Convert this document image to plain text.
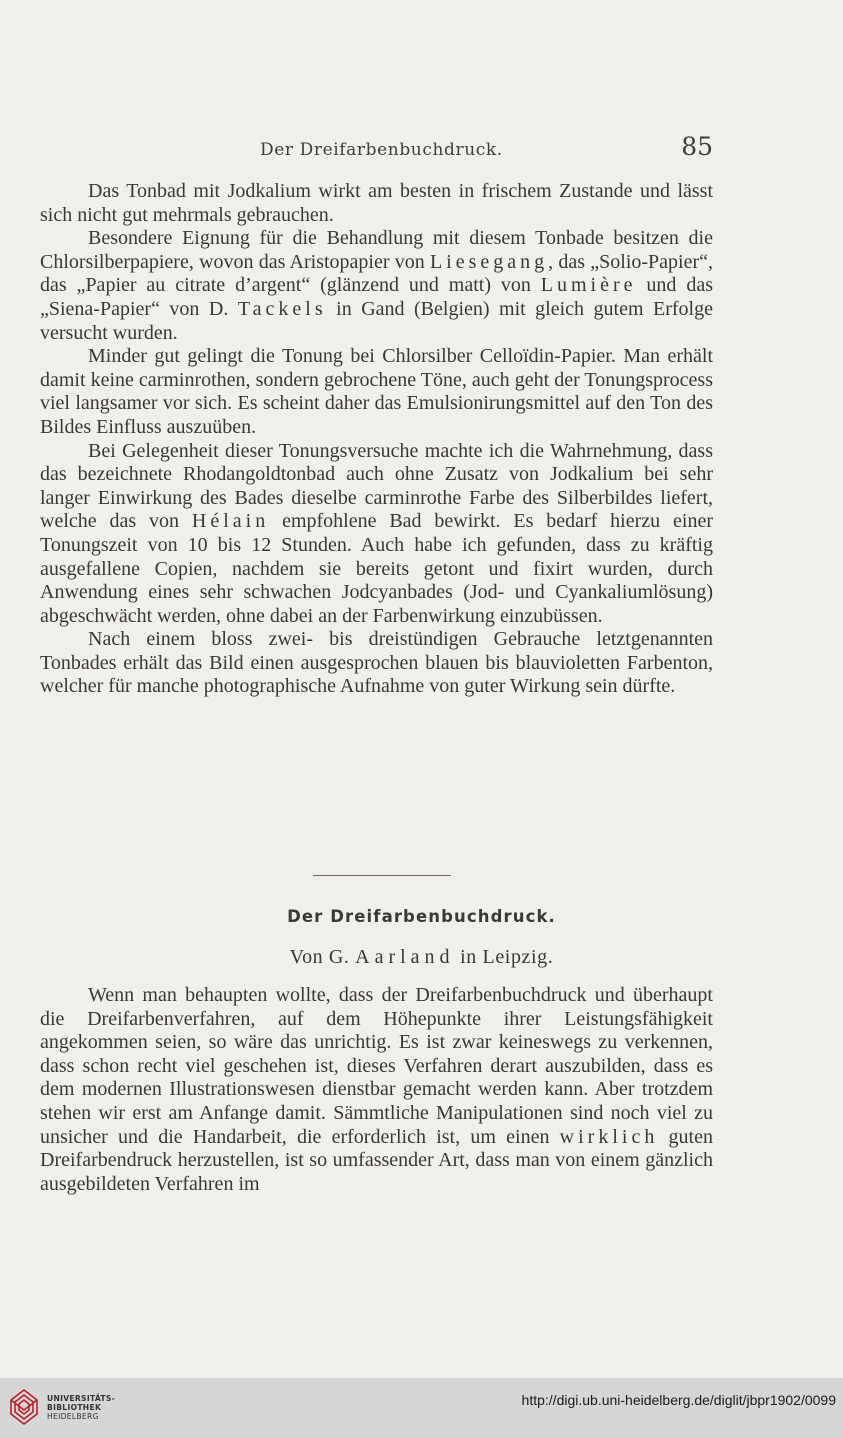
Der Dreifarbenbuchdruck.	85

Das Tonbad mit Jodkalium wirkt am besten in frischem Zustande und lässt sich nicht gut mehrmals gebrauchen.

Besondere Eignung für die Behandlung mit diesem Tonbade besitzen die Chlorsilberpapiere, wovon das Aristopapier von Liesegang, das „Solio-Papier“, das „Papier au citrate d’argent“ (glänzend und matt) von Lumière und das „Siena-Papier“ von D. Tackels in Gand (Belgien) mit gleich gutem Erfolge versucht wurden.

Minder gut gelingt die Tonung bei Chlorsilber Celloïdin-Papier. Man erhält damit keine carminrothen, sondern gebrochene Töne, auch geht der Tonungsprocess viel langsamer vor sich. Es scheint daher das Emulsionirungsmittel auf den Ton des Bildes Einfluss auszuüben.

Bei Gelegenheit dieser Tonungsversuche machte ich die Wahrnehmung, dass das bezeichnete Rhodangoldtonbad auch ohne Zusatz von Jodkalium bei sehr langer Einwirkung des Bades dieselbe carminrothe Farbe des Silberbildes liefert, welche das von Hélain empfohlene Bad bewirkt. Es bedarf hierzu einer Tonungszeit von 10 bis 12 Stunden. Auch habe ich gefunden, dass zu kräftig ausgefallene Copien, nachdem sie bereits getont und fixirt wurden, durch Anwendung eines sehr schwachen Jodcyanbades (Jod- und Cyankaliumlösung) abgeschwächt werden, ohne dabei an der Farbenwirkung einzubüssen.

Nach einem bloss zwei- bis dreistündigen Gebrauche letztgenannten Tonbades erhält das Bild einen ausgesprochen blauen bis blauvioletten Farbenton, welcher für manche photographische Aufnahme von guter Wirkung sein dürfte.

Der Dreifarbenbuchdruck.
Von G. Aarland in Leipzig.

Wenn man behaupten wollte, dass der Dreifarbenbuchdruck und überhaupt die Dreifarbenverfahren, auf dem Höhepunkte ihrer Leistungsfähigkeit angekommen seien, so wäre das unrichtig. Es ist zwar keineswegs zu verkennen, dass schon recht viel geschehen ist, dieses Verfahren derart auszubilden, dass es dem modernen Illustrationswesen dienstbar gemacht werden kann. Aber trotzdem stehen wir erst am Anfange damit. Sämmtliche Manipulationen sind noch viel zu unsicher und die Handarbeit, die erforderlich ist, um einen wirklich guten Dreifarbendruck herzustellen, ist so umfassender Art, dass man von einem gänzlich ausgebildeten Verfahren im

UNIVERSITÄTS-
BIBLIOTHEK
HEIDELBERG
http://digi.ub.uni-heidelberg.de/diglit/jbpr1902/0099
